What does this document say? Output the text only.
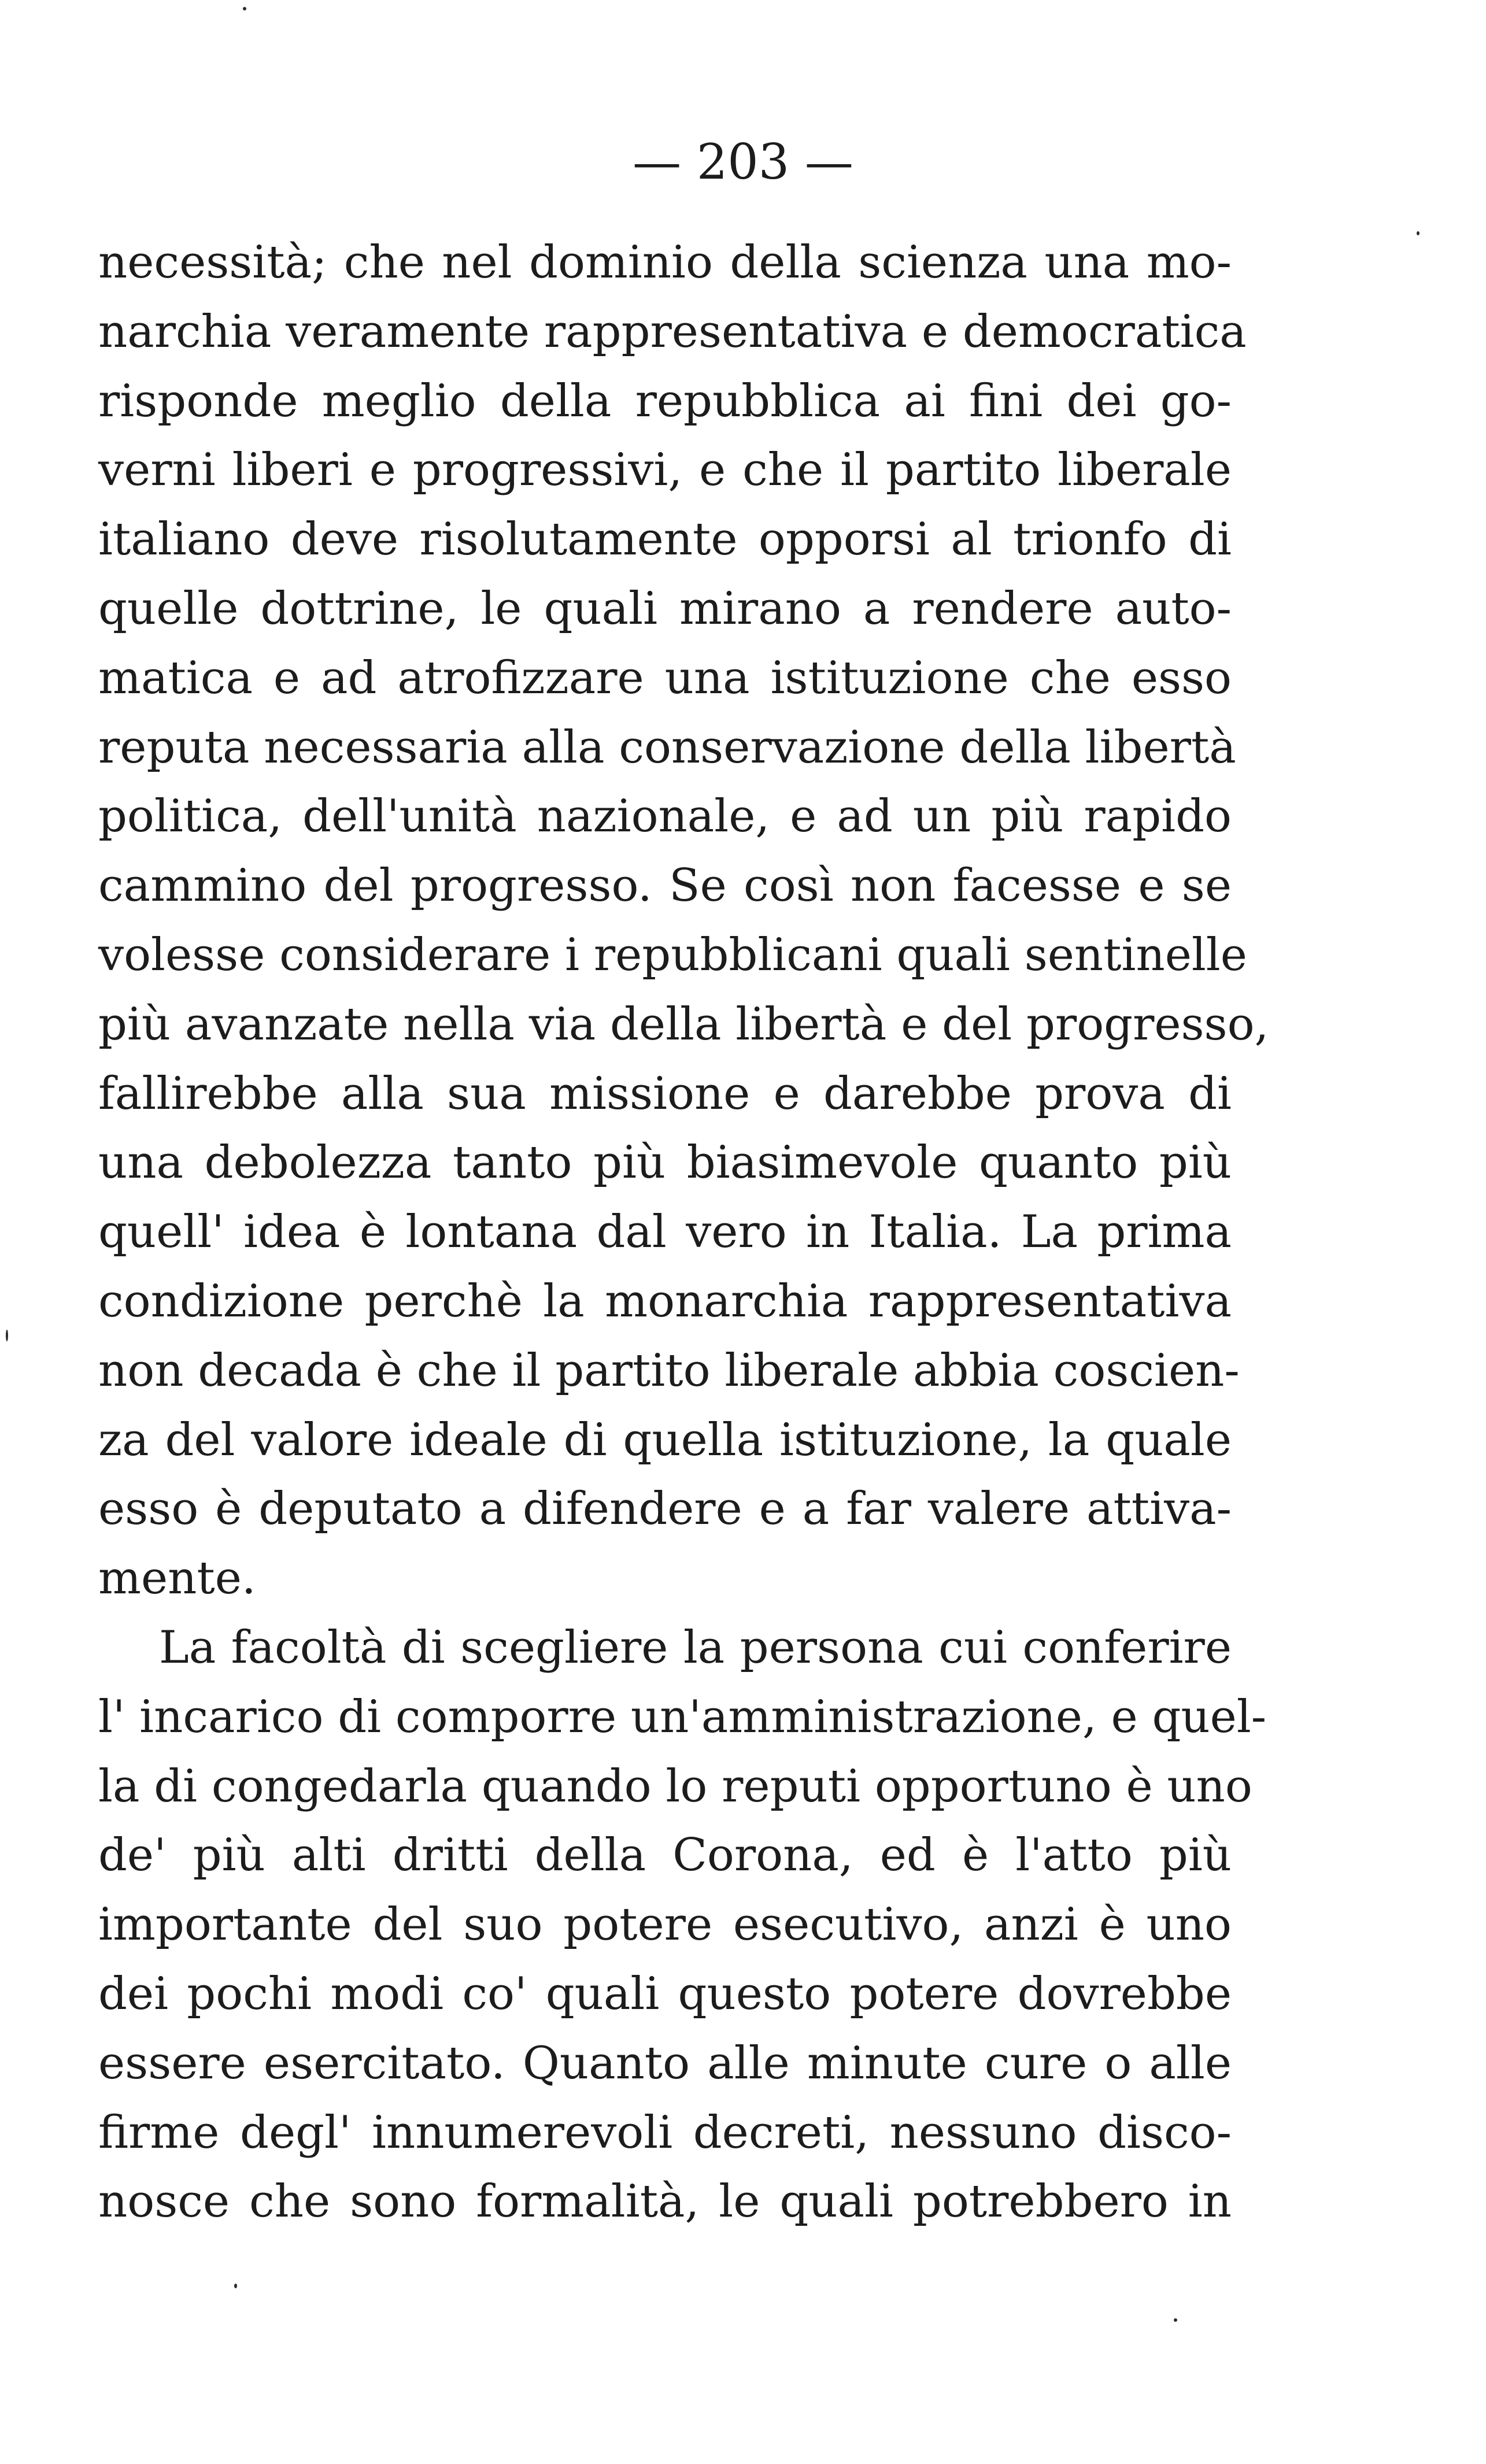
— 203 —
necessità; che nel dominio della scienza una mo-
narchia veramente rappresentativa e democratica
risponde meglio della repubblica ai fini dei go-
verni liberi e progressivi, e che il partito liberale
italiano deve risolutamente opporsi al trionfo di
quelle dottrine, le quali mirano a rendere auto-
matica e ad atrofizzare una istituzione che esso
reputa necessaria alla conservazione della libertà
politica, dell'unità nazionale, e ad un più rapido
cammino del progresso. Se così non facesse e se
volesse considerare i repubblicani quali sentinelle
più avanzate nella via della libertà e del progresso,
fallirebbe alla sua missione e darebbe prova di
una debolezza tanto più biasimevole quanto più
quell' idea è lontana dal vero in Italia. La prima
condizione perchè la monarchia rappresentativa
non decada è che il partito liberale abbia coscien-
za del valore ideale di quella istituzione, la quale
esso è deputato a difendere e a far valere attiva-
mente.
La facoltà di scegliere la persona cui conferire
l' incarico di comporre un'amministrazione, e quel-
la di congedarla quando lo reputi opportuno è uno
de' più alti dritti della Corona, ed è l'atto più
importante del suo potere esecutivo, anzi è uno
dei pochi modi co' quali questo potere dovrebbe
essere esercitato. Quanto alle minute cure o alle
firme degl' innumerevoli decreti, nessuno disco-
nosce che sono formalità, le quali potrebbero in
